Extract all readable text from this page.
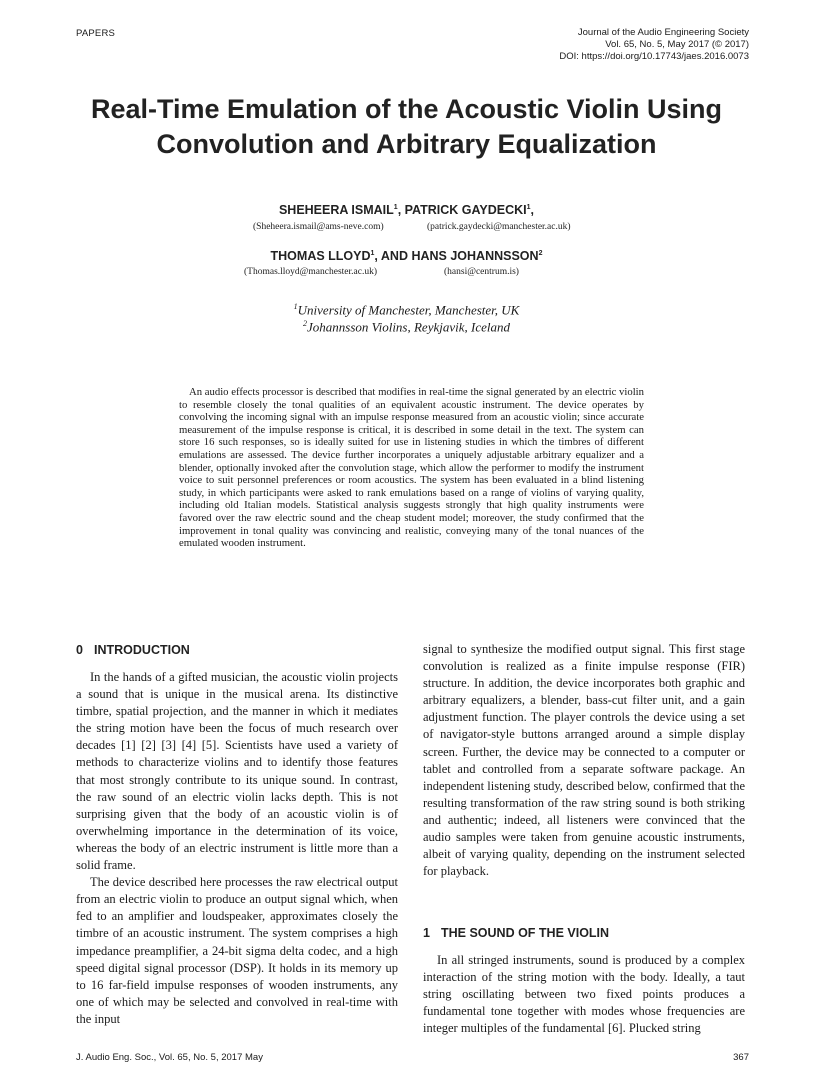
PAPERS	Journal of the Audio Engineering Society
Vol. 65, No. 5, May 2017 (© 2017)
DOI: https://doi.org/10.17743/jaes.2016.0073
Real-Time Emulation of the Acoustic Violin Using
Convolution and Arbitrary Equalization
SHEHEERA ISMAIL$^1$, PATRICK GAYDECKI$^1$,
(Sheheera.ismail@ams-neve.com)	(patrick.gaydecki@manchester.ac.uk)
THOMAS LLOYD$^1$, AND HANS JOHANNSSON$^2$
(Thomas.lloyd@manchester.ac.uk)	(hansi@centrum.is)
$^1$University of Manchester, Manchester, UK
$^2$Johannsson Violins, Reykjavik, Iceland
An audio effects processor is described that modifies in real-time the signal generated by an electric violin to resemble closely the tonal qualities of an equivalent acoustic instrument. The device operates by convolving the incoming signal with an impulse response measured from an acoustic violin; since accurate measurement of the impulse response is critical, it is described in some detail in the text. The system can store 16 such responses, so is ideally suited for use in listening studies in which the timbres of different emulations are assessed. The device further incorporates a uniquely adjustable arbitrary equalizer and a blender, optionally invoked after the convolution stage, which allow the performer to modify the instrument voice to suit personnel preferences or room acoustics. The system has been evaluated in a blind listening study, in which participants were asked to rank emulations based on a range of violins of varying quality, including old Italian models. Statistical analysis suggests strongly that high quality instruments were favored over the raw electric sound and the cheap student model; moreover, the study confirmed that the improvement in tonal quality was convincing and realistic, conveying many of the tonal nuances of the emulated wooden instrument.
0 INTRODUCTION

In the hands of a gifted musician, the acoustic violin projects a sound that is unique in the musical arena. Its distinctive timbre, spatial projection, and the manner in which it mediates the string motion have been the focus of much research over decades [1] [2] [3] [4] [5]. Scientists have used a variety of methods to characterize violins and to identify those features that most strongly contribute to its unique sound. In contrast, the raw sound of an electric violin lacks depth. This is not surprising given that the body of an acoustic violin is of overwhelming importance in the determination of its voice, whereas the body of an electric instrument is little more than a solid frame.

The device described here processes the raw electrical output from an electric violin to produce an output signal which, when fed to an amplifier and loudspeaker, approximates closely the timbre of an acoustic instrument. The system comprises a high impedance preamplifier, a 24-bit sigma delta codec, and a high speed digital signal processor (DSP). It holds in its memory up to 16 far-field impulse responses of wooden instruments, any one of which may be selected and convolved in real-time with the input

signal to synthesize the modified output signal. This first stage convolution is realized as a finite impulse response (FIR) structure. In addition, the device incorporates both graphic and arbitrary equalizers, a blender, bass-cut filter unit, and a gain adjustment function. The player controls the device using a set of navigator-style buttons arranged around a simple display screen. Further, the device may be connected to a computer or tablet and controlled from a separate software package. An independent listening study, described below, confirmed that the resulting transformation of the raw string sound is both striking and authentic; indeed, all listeners were convinced that the audio samples were taken from genuine acoustic instruments, albeit of varying quality, depending on the instrument selected for playback.

1 THE SOUND OF THE VIOLIN

In all stringed instruments, sound is produced by a complex interaction of the string motion with the body. Ideally, a taut string oscillating between two fixed points produces a fundamental tone together with modes whose frequencies are integer multiples of the fundamental [6]. Plucked string

J. Audio Eng. Soc., Vol. 65, No. 5, 2017 May	367
